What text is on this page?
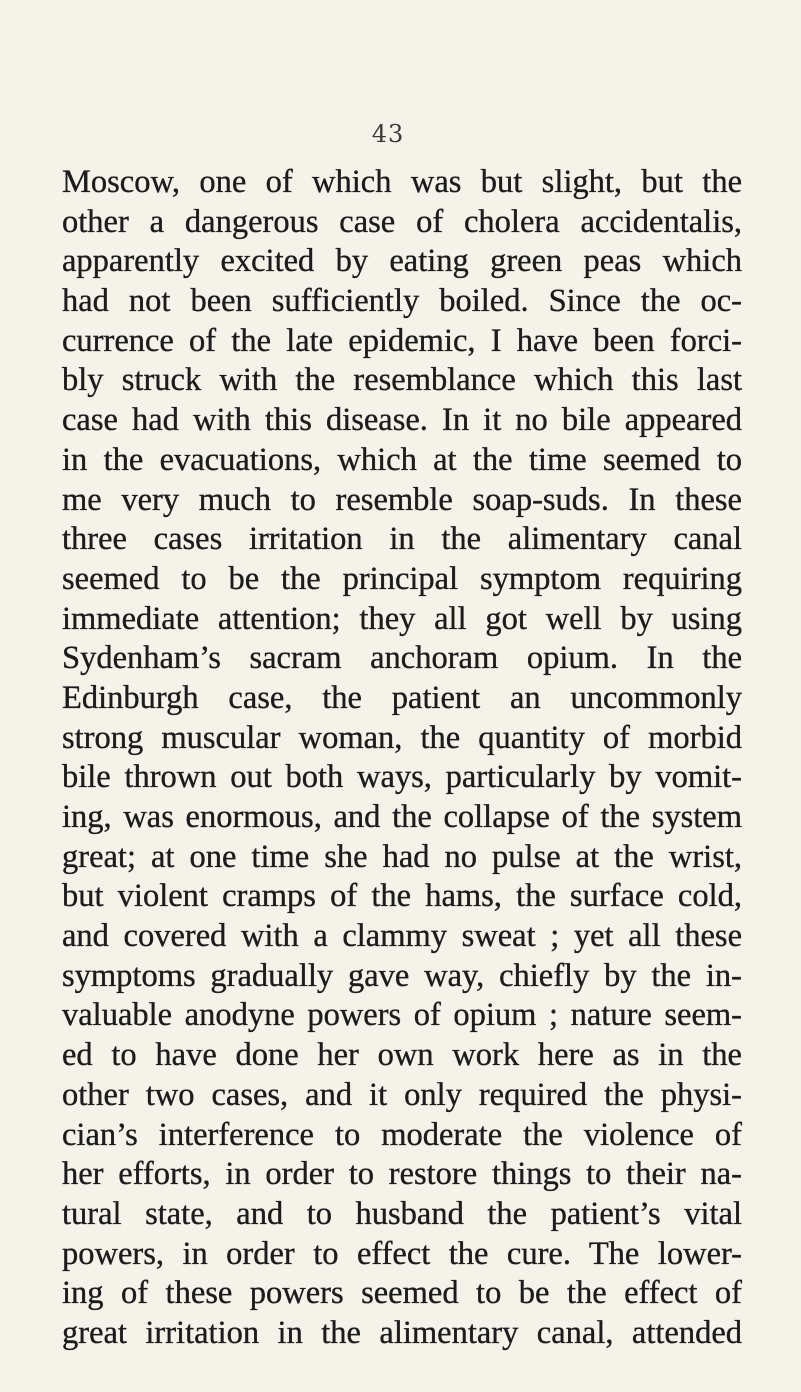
43
Moscow, one of which was but slight, but the
other a dangerous case of cholera accidentalis,
apparently excited by eating green peas which
had not been sufficiently boiled. Since the oc-
currence of the late epidemic, I have been forci-
bly struck with the resemblance which this last
case had with this disease. In it no bile appeared
in the evacuations, which at the time seemed to
me very much to resemble soap-suds. In these
three cases irritation in the alimentary canal
seemed to be the principal symptom requiring
immediate attention; they all got well by using
Sydenham’s sacram anchoram opium. In the
Edinburgh case, the patient an uncommonly
strong muscular woman, the quantity of morbid
bile thrown out both ways, particularly by vomit-
ing, was enormous, and the collapse of the system
great; at one time she had no pulse at the wrist,
but violent cramps of the hams, the surface cold,
and covered with a clammy sweat ; yet all these
symptoms gradually gave way, chiefly by the in-
valuable anodyne powers of opium ; nature seem-
ed to have done her own work here as in the
other two cases, and it only required the physi-
cian’s interference to moderate the violence of
her efforts, in order to restore things to their na-
tural state, and to husband the patient’s vital
powers, in order to effect the cure. The lower-
ing of these powers seemed to be the effect of
great irritation in the alimentary canal, attended
